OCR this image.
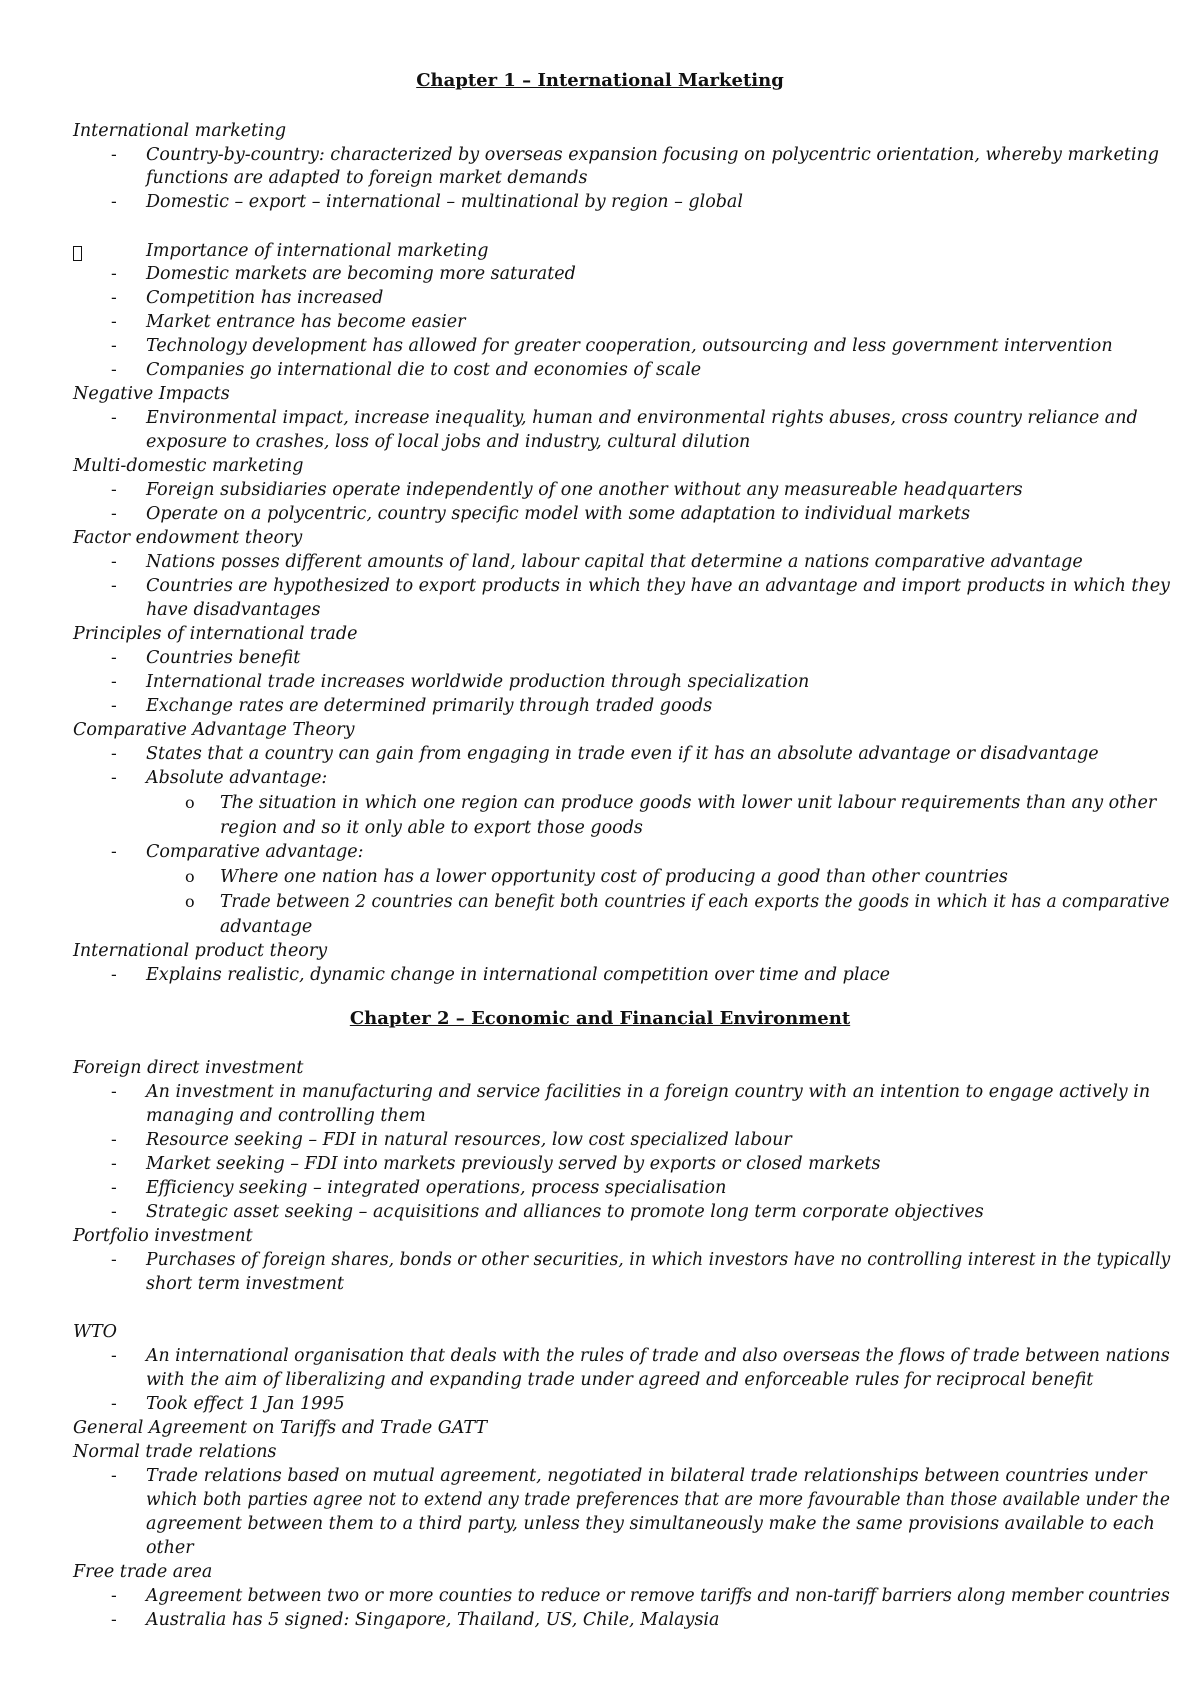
Chapter 1 – International Marketing
International marketing
- Country-by-country: characterized by overseas expansion focusing on polycentric orientation, whereby marketing
functions are adapted to foreign market demands
- Domestic – export – international – multinational by region – global
Importance of international marketing
- Domestic markets are becoming more saturated
- Competition has increased
- Market entrance has become easier
- Technology development has allowed for greater cooperation, outsourcing and less government intervention
- Companies go international die to cost and economies of scale
Negative Impacts
- Environmental impact, increase inequality, human and environmental rights abuses, cross country reliance and
exposure to crashes, loss of local jobs and industry, cultural dilution
Multi-domestic marketing
- Foreign subsidiaries operate independently of one another without any measureable headquarters
- Operate on a polycentric, country specific model with some adaptation to individual markets
Factor endowment theory
- Nations posses different amounts of land, labour capital that determine a nations comparative advantage
- Countries are hypothesized to export products in which they have an advantage and import products in which they
have disadvantages
Principles of international trade
- Countries benefit
- International trade increases worldwide production through specialization
- Exchange rates are determined primarily through traded goods
Comparative Advantage Theory
- States that a country can gain from engaging in trade even if it has an absolute advantage or disadvantage
- Absolute advantage:
o The situation in which one region can produce goods with lower unit labour requirements than any other
region and so it only able to export those goods
- Comparative advantage:
o Where one nation has a lower opportunity cost of producing a good than other countries
o Trade between 2 countries can benefit both countries if each exports the goods in which it has a comparative
advantage
International product theory
- Explains realistic, dynamic change in international competition over time and place
Chapter 2 – Economic and Financial Environment
Foreign direct investment
- An investment in manufacturing and service facilities in a foreign country with an intention to engage actively in
managing and controlling them
- Resource seeking – FDI in natural resources, low cost specialized labour
- Market seeking – FDI into markets previously served by exports or closed markets
- Efficiency seeking – integrated operations, process specialisation
- Strategic asset seeking – acquisitions and alliances to promote long term corporate objectives
Portfolio investment
- Purchases of foreign shares, bonds or other securities, in which investors have no controlling interest in the typically
short term investment
WTO
- An international organisation that deals with the rules of trade and also overseas the flows of trade between nations
with the aim of liberalizing and expanding trade under agreed and enforceable rules for reciprocal benefit
- Took effect 1 Jan 1995
General Agreement on Tariffs and Trade GATT
Normal trade relations
- Trade relations based on mutual agreement, negotiated in bilateral trade relationships between countries under
which both parties agree not to extend any trade preferences that are more favourable than those available under the
agreement between them to a third party, unless they simultaneously make the same provisions available to each
other
Free trade area
- Agreement between two or more counties to reduce or remove tariffs and non-tariff barriers along member countries
- Australia has 5 signed: Singapore, Thailand, US, Chile, Malaysia
